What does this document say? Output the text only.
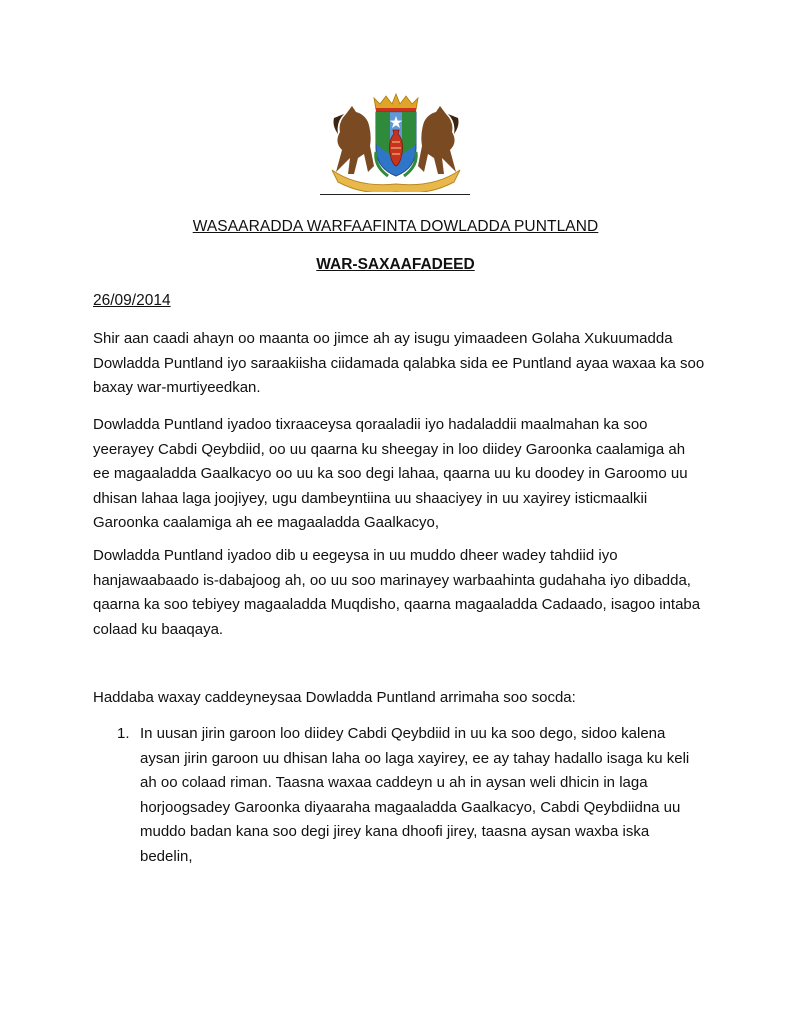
WASAARADDA WARFAAFINTA DOWLADDA PUNTLAND
WAR-SAXAAFADEED
26/09/2014

Shir aan caadi ahayn oo maanta oo jimce ah ay isugu yimaadeen Golaha Xukuumadda Dowladda Puntland iyo saraakiisha ciidamada qalabka sida ee Puntland ayaa waxaa ka soo baxay war-murtiyeedkan.

Dowladda Puntland iyadoo tixraaceysa qoraaladii iyo hadaladdii maalmahan ka soo yeerayey Cabdi Qeybdiid, oo uu qaarna ku sheegay in loo diidey Garoonka caalamiga ah ee magaaladda Gaalkacyo oo uu ka soo degi lahaa, qaarna uu ku doodey in Garoomo uu dhisan lahaa laga joojiyey, ugu dambeyntiina uu shaaciyey in uu xayirey isticmaalkii Garoonka caalamiga ah ee magaaladda Gaalkacyo,

Dowladda Puntland iyadoo dib u eegeysa in uu muddo dheer wadey tahdiid iyo hanjawaabaado is-dabajoog ah, oo uu soo marinayey warbaahinta gudahaha iyo dibadda, qaarna ka soo tebiyey magaaladda Muqdisho, qaarna magaaladda Cadaado, isagoo intaba colaad ku baaqaya.

Haddaba waxay caddeyneysaa Dowladda Puntland arrimaha soo socda:

1. In uusan jirin garoon loo diidey Cabdi Qeybdiid in uu ka soo dego, sidoo kalena aysan jirin garoon uu dhisan laha oo laga xayirey, ee ay tahay hadallo isaga ku keli ah oo colaad riman. Taasna waxaa caddeyn u ah in aysan weli dhicin in laga horjoogsadey Garoonka diyaaraha magaaladda Gaalkacyo, Cabdi Qeybdiidna uu muddo badan kana soo degi jirey kana dhoofi jirey, taasna aysan waxba iska bedelin,
